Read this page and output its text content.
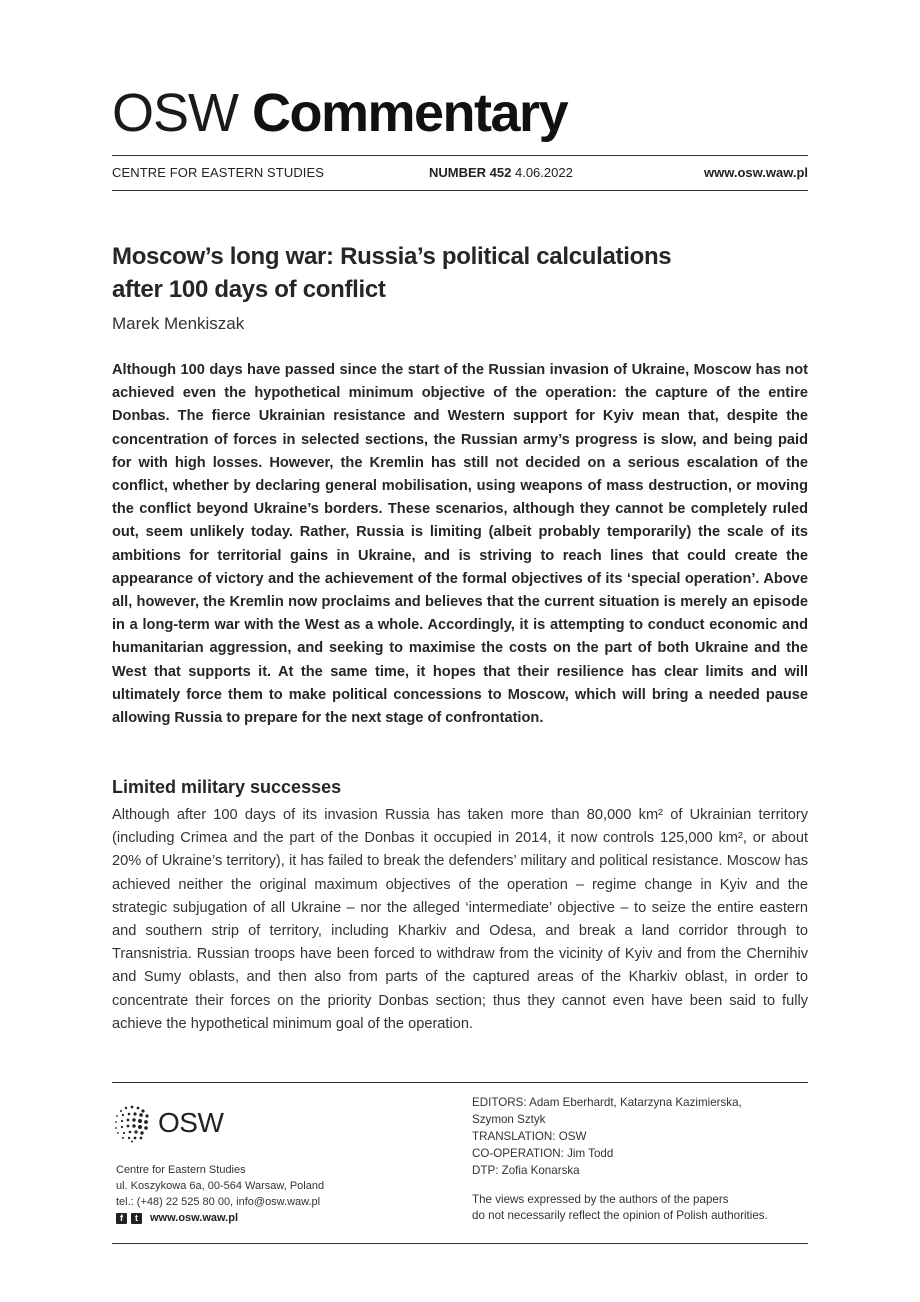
OSW Commentary
CENTRE FOR EASTERN STUDIES	NUMBER 452 4.06.2022	www.osw.waw.pl
Moscow’s long war: Russia’s political calculations
after 100 days of conflict
Marek Menkiszak

Although 100 days have passed since the start of the Russian invasion of Ukraine, Moscow has not achieved even the hypothetical minimum objective of the operation: the capture of the entire Donbas. The fierce Ukrainian resistance and Western support for Kyiv mean that, despite the concentration of forces in selected sections, the Russian army’s progress is slow, and being paid for with high losses. However, the Kremlin has still not decided on a serious escalation of the conflict, whether by declaring general mobilisation, using weapons of mass destruction, or moving the conflict beyond Ukraine’s borders. These scenarios, although they cannot be completely ruled out, seem unlikely today. Rather, Russia is limiting (albeit probably temporarily) the scale of its ambitions for territorial gains in Ukraine, and is striving to reach lines that could create the appearance of victory and the achievement of the formal objectives of its ‘special operation’. Above all, however, the Kremlin now proclaims and believes that the current situation is merely an episode in a long-term war with the West as a whole. Accordingly, it is attempting to conduct economic and humanitarian aggression, and seeking to maximise the costs on the part of both Ukraine and the West that supports it. At the same time, it hopes that their resilience has clear limits and will ultimately force them to make political concessions to Moscow, which will bring a needed pause allowing Russia to prepare for the next stage of confrontation.

Limited military successes

Although after 100 days of its invasion Russia has taken more than 80,000 km² of Ukrainian territory (including Crimea and the part of the Donbas it occupied in 2014, it now controls 125,000 km², or about 20% of Ukraine’s territory), it has failed to break the defenders’ military and political resistance. Moscow has achieved neither the original maximum objectives of the operation – regime change in Kyiv and the strategic subjugation of all Ukraine – nor the alleged ‘intermediate’ objective – to seize the entire eastern and southern strip of territory, including Kharkiv and Odesa, and break a land corridor through to Transnistria. Russian troops have been forced to withdraw from the vicinity of Kyiv and from the Chernihiv and Sumy oblasts, and then also from parts of the captured areas of the Kharkiv oblast, in order to concentrate their forces on the priority Donbas section; thus they cannot even have been said to fully achieve the hypothetical minimum goal of the operation.

OSW
Centre for Eastern Studies
ul. Koszykowa 6a, 00-564 Warsaw, Poland
tel.: (+48) 22 525 80 00, info@osw.waw.pl
f	t	www.osw.waw.pl

EDITORS: Adam Eberhardt, Katarzyna Kazimierska,

Szymon Sztyk

TRANSLATION: OSW

CO-OPERATION: Jim Todd

DTP: Zofia Konarska

The views expressed by the authors of the papers

do not necessarily reflect the opinion of Polish authorities.
